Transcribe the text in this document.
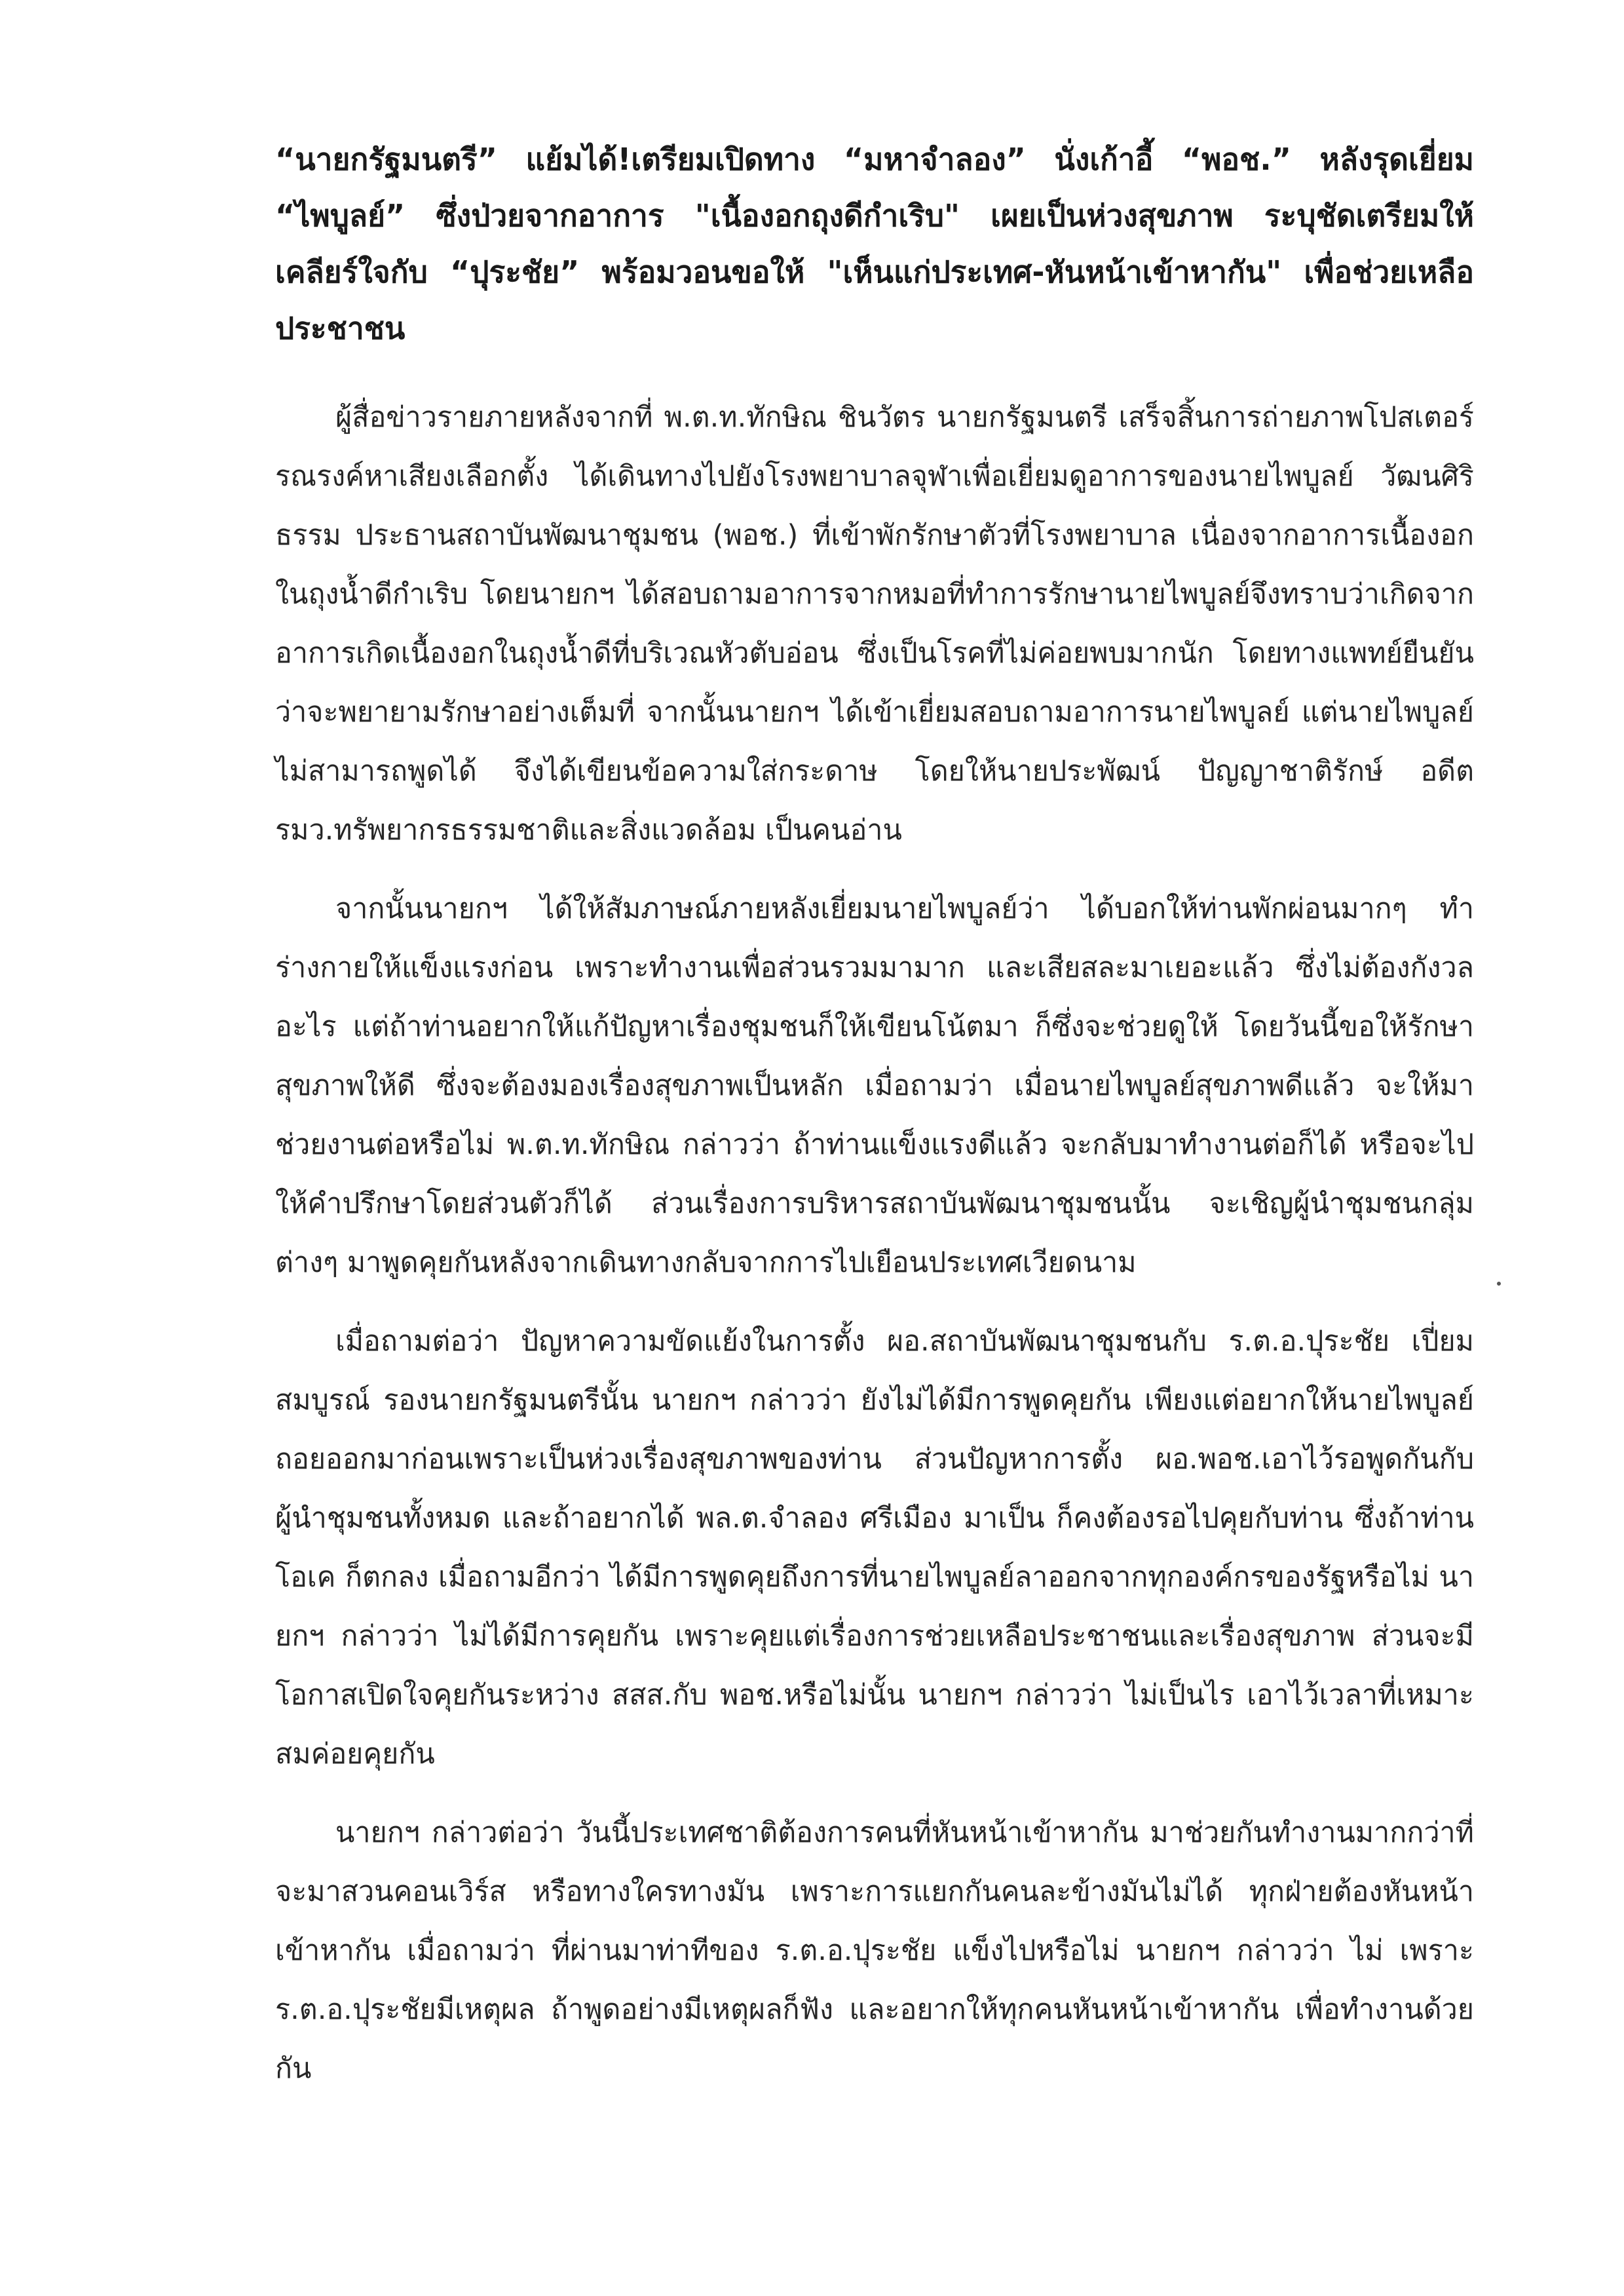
“นายกรัฐมนตรี” แย้มได้!เตรียมเปิดทาง “มหาจำลอง” นั่งเก้าอี้ “พอช.” หลังรุดเยี่ยม “ไพบูลย์” ซึ่งป่วยจากอาการ "เนื้องอกถุงดีกำเริบ" เผยเป็นห่วงสุขภาพ ระบุชัดเตรียมให้เคลียร์ใจกับ “ปุระชัย” พร้อมวอนขอให้ "เห็นแก่ประเทศ-หันหน้าเข้าหากัน" เพื่อช่วยเหลือประชาชน

ผู้สื่อข่าวรายภายหลังจากที่ พ.ต.ท.ทักษิณ ชินวัตร นายกรัฐมนตรี เสร็จสิ้นการถ่ายภาพโปสเตอร์รณรงค์หาเสียงเลือกตั้ง ได้เดินทางไปยังโรงพยาบาลจุฬาเพื่อเยี่ยมดูอาการของนายไพบูลย์ วัฒนศิริธรรม ประธานสถาบันพัฒนาชุมชน (พอช.) ที่เข้าพักรักษาตัวที่โรงพยาบาล เนื่องจากอาการเนื้องอกในถุงน้ำดีกำเริบ โดยนายกฯ ได้สอบถามอาการจากหมอที่ทำการรักษานายไพบูลย์จึงทราบว่าเกิดจากอาการเกิดเนื้องอกในถุงน้ำดีที่บริเวณหัวตับอ่อน ซึ่งเป็นโรคที่ไม่ค่อยพบมากนัก โดยทางแพทย์ยืนยันว่าจะพยายามรักษาอย่างเต็มที่ จากนั้นนายกฯ ได้เข้าเยี่ยมสอบถามอาการนายไพบูลย์ แต่นายไพบูลย์ไม่สามารถพูดได้ จึงได้เขียนข้อความใส่กระดาษ โดยให้นายประพัฒน์ ปัญญาชาติรักษ์ อดีตรมว.ทรัพยากรธรรมชาติและสิ่งแวดล้อม เป็นคนอ่าน

จากนั้นนายกฯ ได้ให้สัมภาษณ์ภายหลังเยี่ยมนายไพบูลย์ว่า ได้บอกให้ท่านพักผ่อนมากๆ ทำร่างกายให้แข็งแรงก่อน เพราะทำงานเพื่อส่วนรวมมามาก และเสียสละมาเยอะแล้ว ซึ่งไม่ต้องกังวลอะไร แต่ถ้าท่านอยากให้แก้ปัญหาเรื่องชุมชนก็ให้เขียนโน้ตมา ก็ซึ่งจะช่วยดูให้ โดยวันนี้ขอให้รักษาสุขภาพให้ดี ซึ่งจะต้องมองเรื่องสุขภาพเป็นหลัก เมื่อถามว่า เมื่อนายไพบูลย์สุขภาพดีแล้ว จะให้มาช่วยงานต่อหรือไม่ พ.ต.ท.ทักษิณ กล่าวว่า ถ้าท่านแข็งแรงดีแล้ว จะกลับมาทำงานต่อก็ได้ หรือจะไปให้คำปรึกษาโดยส่วนตัวก็ได้ ส่วนเรื่องการบริหารสถาบันพัฒนาชุมชนนั้น จะเชิญผู้นำชุมชนกลุ่มต่างๆ มาพูดคุยกันหลังจากเดินทางกลับจากการไปเยือนประเทศเวียดนาม

เมื่อถามต่อว่า ปัญหาความขัดแย้งในการตั้ง ผอ.สถาบันพัฒนาชุมชนกับ ร.ต.อ.ปุระชัย เปี่ยมสมบูรณ์ รองนายกรัฐมนตรีนั้น นายกฯ กล่าวว่า ยังไม่ได้มีการพูดคุยกัน เพียงแต่อยากให้นายไพบูลย์ถอยออกมาก่อนเพราะเป็นห่วงเรื่องสุขภาพของท่าน ส่วนปัญหาการตั้ง ผอ.พอช.เอาไว้รอพูดกันกับผู้นำชุมชนทั้งหมด และถ้าอยากได้ พล.ต.จำลอง ศรีเมือง มาเป็น ก็คงต้องรอไปคุยกับท่าน ซึ่งถ้าท่านโอเค ก็ตกลง เมื่อถามอีกว่า ได้มีการพูดคุยถึงการที่นายไพบูลย์ลาออกจากทุกองค์กรของรัฐหรือไม่ นายกฯ กล่าวว่า ไม่ได้มีการคุยกัน เพราะคุยแต่เรื่องการช่วยเหลือประชาชนและเรื่องสุขภาพ ส่วนจะมีโอกาสเปิดใจคุยกันระหว่าง สสส.กับ พอช.หรือไม่นั้น นายกฯ กล่าวว่า ไม่เป็นไร เอาไว้เวลาที่เหมาะสมค่อยคุยกัน

นายกฯ กล่าวต่อว่า วันนี้ประเทศชาติต้องการคนที่หันหน้าเข้าหากัน มาช่วยกันทำงานมากกว่าที่จะมาสวนคอนเวิร์ส หรือทางใครทางมัน เพราะการแยกกันคนละข้างมันไม่ได้ ทุกฝ่ายต้องหันหน้าเข้าหากัน เมื่อถามว่า ที่ผ่านมาท่าทีของ ร.ต.อ.ปุระชัย แข็งไปหรือไม่ นายกฯ กล่าวว่า ไม่ เพราะ ร.ต.อ.ปุระชัยมีเหตุผล ถ้าพูดอย่างมีเหตุผลก็ฟัง และอยากให้ทุกคนหันหน้าเข้าหากัน เพื่อทำงานด้วยกัน
